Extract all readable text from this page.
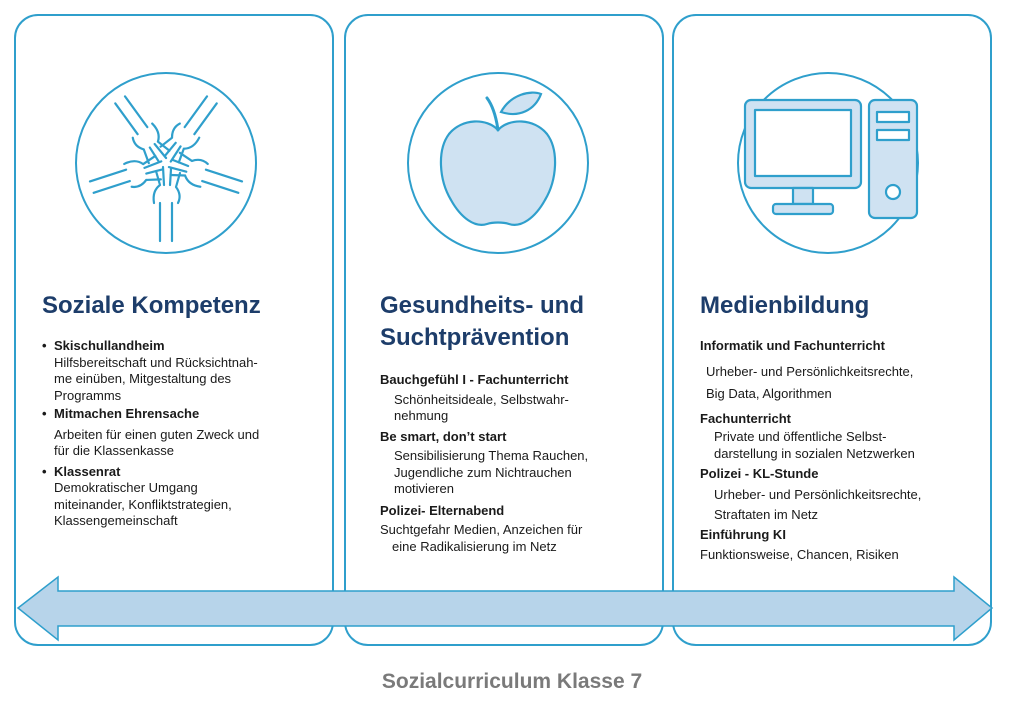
Soziale Kompetenz
• Skischullandheim
Hilfsbereitschaft und Rücksichtnah-
me einüben, Mitgestaltung des
Programms
• Mitmachen Ehrensache
Arbeiten für einen guten Zweck und
für die Klassenkasse
• Klassenrat
Demokratischer Umgang
miteinander, Konfliktstrategien,
Klassengemeinschaft
Gesundheits- und
Suchtprävention
Bauchgefühl I - Fachunterricht
Schönheitsideale, Selbstwahr-
nehmung
Be smart, don’t start
Sensibilisierung Thema Rauchen,
Jugendliche zum Nichtrauchen
motivieren
Polizei- Elternabend
Suchtgefahr Medien, Anzeichen für
eine Radikalisierung im Netz
Medienbildung
Informatik und Fachunterricht
Urheber- und Persönlichkeitsrechte,
Big Data, Algorithmen
Fachunterricht
Private und öffentliche Selbst-
darstellung in sozialen Netzwerken
Polizei - KL-Stunde
Urheber- und Persönlichkeitsrechte,
Straftaten im Netz
Einführung KI
Funktionsweise, Chancen, Risiken
Sozialcurriculum Klasse 7
